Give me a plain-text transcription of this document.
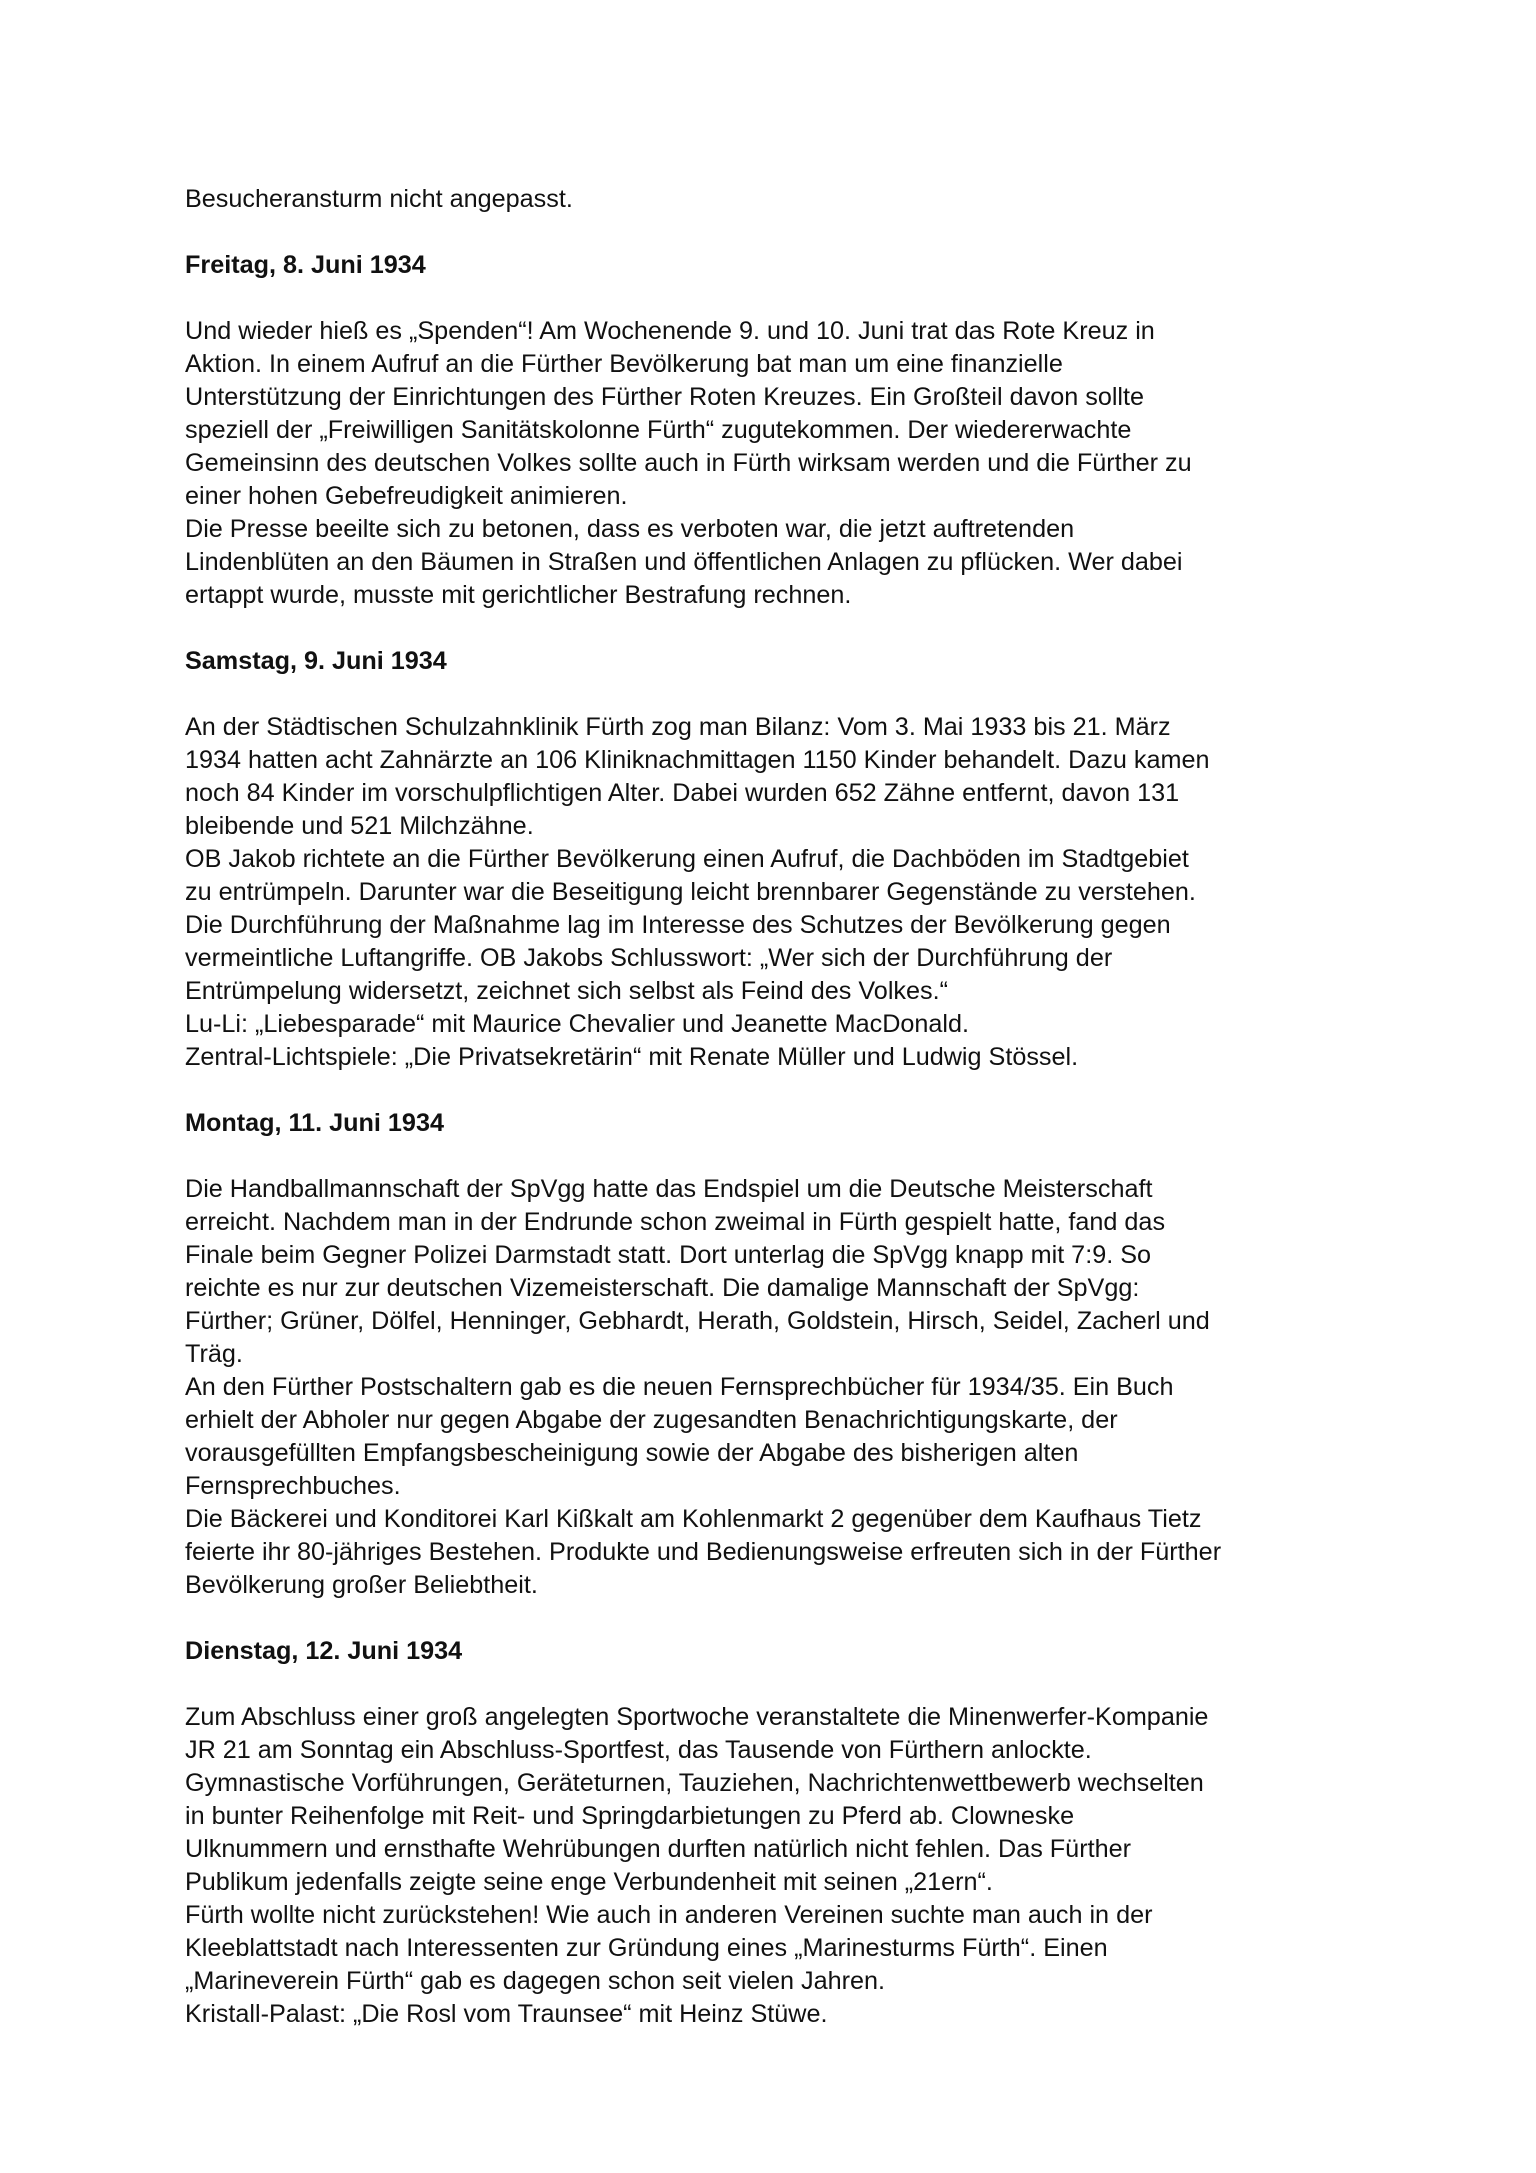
Besucheransturm nicht angepasst.
Freitag, 8. Juni 1934
Und wieder hieß es „Spenden“! Am Wochenende 9. und 10. Juni trat das Rote Kreuz in
Aktion. In einem Aufruf an die Fürther Bevölkerung bat man um eine finanzielle
Unterstützung der Einrichtungen des Fürther Roten Kreuzes. Ein Großteil davon sollte
speziell der „Freiwilligen Sanitätskolonne Fürth“ zugutekommen. Der wiedererwachte
Gemeinsinn des deutschen Volkes sollte auch in Fürth wirksam werden und die Fürther zu
einer hohen Gebefreudigkeit animieren.
Die Presse beeilte sich zu betonen, dass es verboten war, die jetzt auftretenden
Lindenblüten an den Bäumen in Straßen und öffentlichen Anlagen zu pflücken. Wer dabei
ertappt wurde, musste mit gerichtlicher Bestrafung rechnen.
Samstag, 9. Juni 1934
An der Städtischen Schulzahnklinik Fürth zog man Bilanz: Vom 3. Mai 1933 bis 21. März
1934 hatten acht Zahnärzte an 106 Kliniknachmittagen 1150 Kinder behandelt. Dazu kamen
noch 84 Kinder im vorschulpflichtigen Alter. Dabei wurden 652 Zähne entfernt, davon 131
bleibende und 521 Milchzähne.
OB Jakob richtete an die Fürther Bevölkerung einen Aufruf, die Dachböden im Stadtgebiet
zu entrümpeln. Darunter war die Beseitigung leicht brennbarer Gegenstände zu verstehen.
Die Durchführung der Maßnahme lag im Interesse des Schutzes der Bevölkerung gegen
vermeintliche Luftangriffe. OB Jakobs Schlusswort: „Wer sich der Durchführung der
Entrümpelung widersetzt, zeichnet sich selbst als Feind des Volkes.“
Lu-Li: „Liebesparade“ mit Maurice Chevalier und Jeanette MacDonald.
Zentral-Lichtspiele: „Die Privatsekretärin“ mit Renate Müller und Ludwig Stössel.
Montag, 11. Juni 1934
Die Handballmannschaft der SpVgg hatte das Endspiel um die Deutsche Meisterschaft
erreicht. Nachdem man in der Endrunde schon zweimal in Fürth gespielt hatte, fand das
Finale beim Gegner Polizei Darmstadt statt. Dort unterlag die SpVgg knapp mit 7:9. So
reichte es nur zur deutschen Vizemeisterschaft. Die damalige Mannschaft der SpVgg:
Fürther; Grüner, Dölfel, Henninger, Gebhardt, Herath, Goldstein, Hirsch, Seidel, Zacherl und
Träg.
An den Fürther Postschaltern gab es die neuen Fernsprechbücher für 1934/35. Ein Buch
erhielt der Abholer nur gegen Abgabe der zugesandten Benachrichtigungskarte, der
vorausgefüllten Empfangsbescheinigung sowie der Abgabe des bisherigen alten
Fernsprechbuches.
Die Bäckerei und Konditorei Karl Kißkalt am Kohlenmarkt 2 gegenüber dem Kaufhaus Tietz
feierte ihr 80-jähriges Bestehen. Produkte und Bedienungsweise erfreuten sich in der Fürther
Bevölkerung großer Beliebtheit.
Dienstag, 12. Juni 1934
Zum Abschluss einer groß angelegten Sportwoche veranstaltete die Minenwerfer-Kompanie
JR 21 am Sonntag ein Abschluss-Sportfest, das Tausende von Fürthern anlockte.
Gymnastische Vorführungen, Geräteturnen, Tauziehen, Nachrichtenwettbewerb wechselten
in bunter Reihenfolge mit Reit- und Springdarbietungen zu Pferd ab. Clowneske
Ulknummern und ernsthafte Wehrübungen durften natürlich nicht fehlen. Das Fürther
Publikum jedenfalls zeigte seine enge Verbundenheit mit seinen „21ern“.
Fürth wollte nicht zurückstehen! Wie auch in anderen Vereinen suchte man auch in der
Kleeblattstadt nach Interessenten zur Gründung eines „Marinesturms Fürth“. Einen
„Marineverein Fürth“ gab es dagegen schon seit vielen Jahren.
Kristall-Palast: „Die Rosl vom Traunsee“ mit Heinz Stüwe.
